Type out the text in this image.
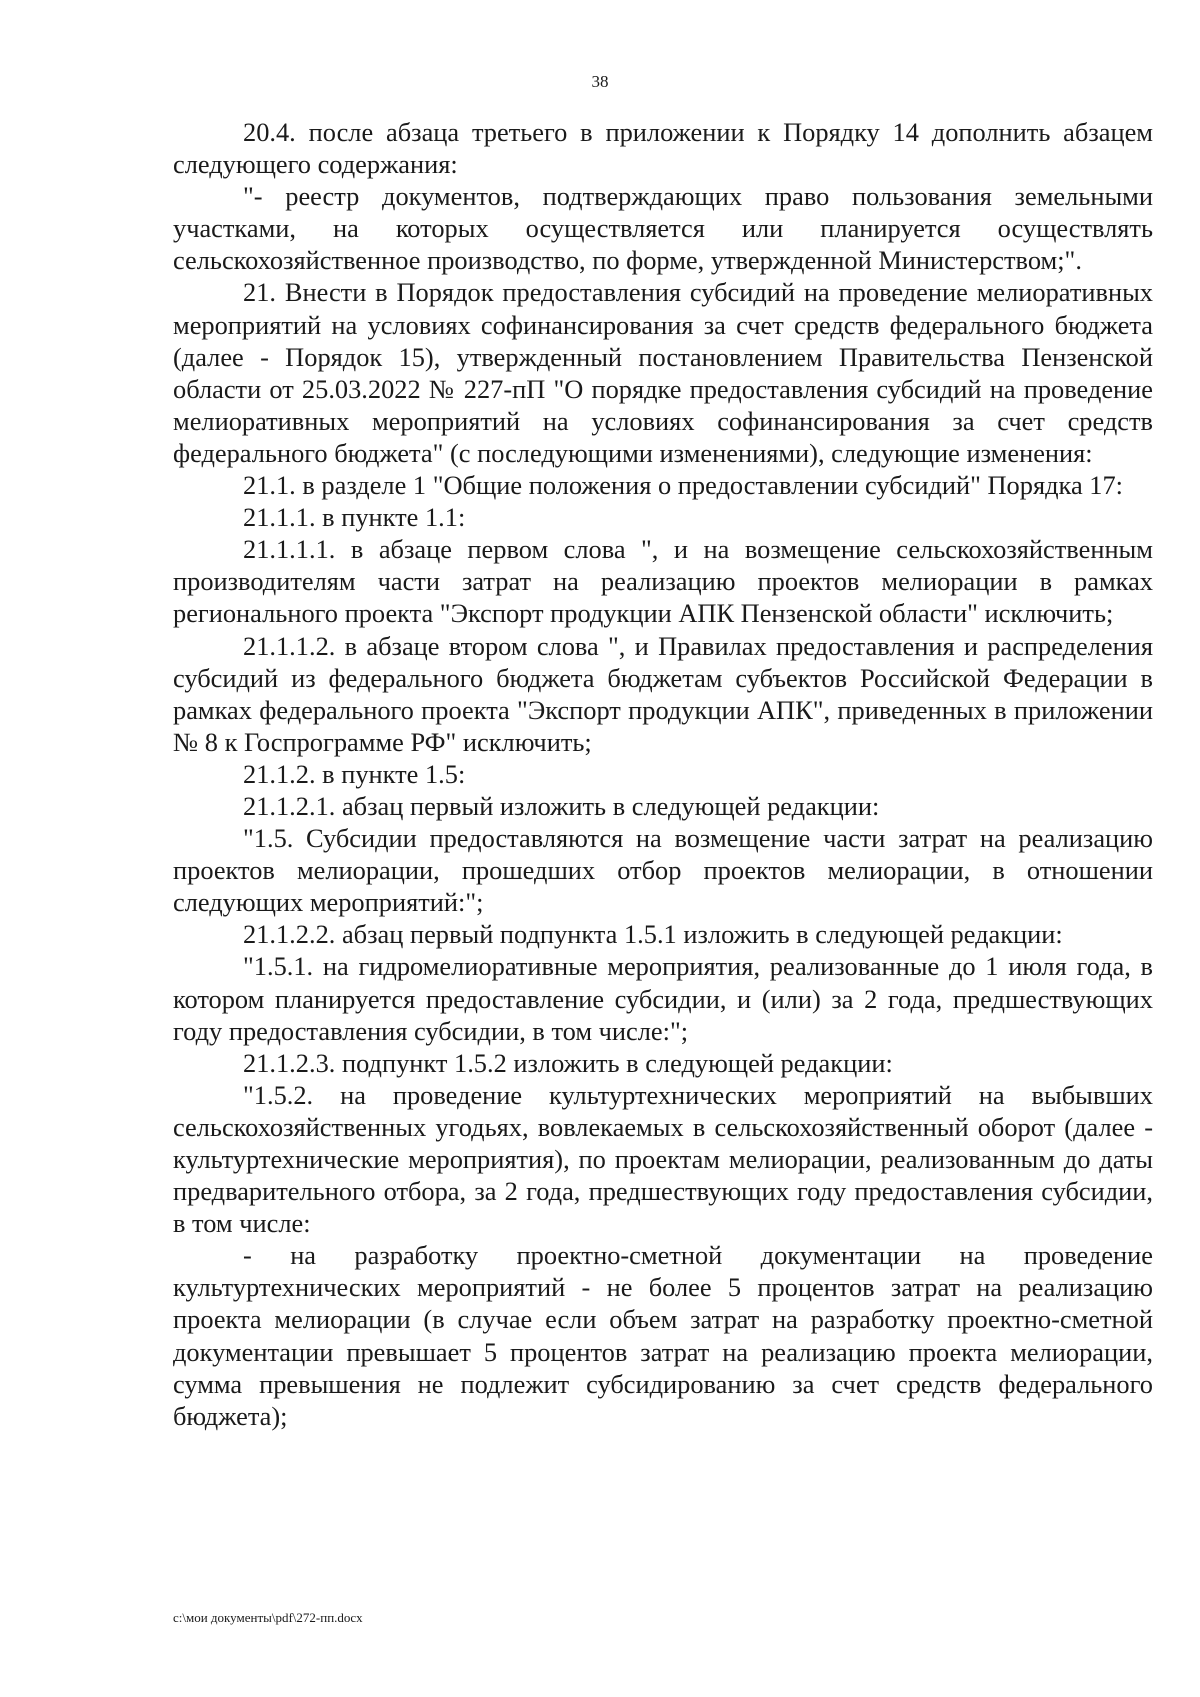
38

20.4. после абзаца третьего в приложении к Порядку 14 дополнить абзацем следующего содержания:

"- реестр документов, подтверждающих право пользования земельными участками, на которых осуществляется или планируется осуществлять сельскохозяйственное производство, по форме, утвержденной Министерством;".

21. Внести в Порядок предоставления субсидий на проведение мелиоративных мероприятий на условиях софинансирования за счет средств федерального бюджета (далее - Порядок 15), утвержденный постановлением Правительства Пензенской области от 25.03.2022 № 227-пП "О порядке предоставления субсидий на проведение мелиоративных мероприятий на условиях софинансирования за счет средств федерального бюджета" (с последующими изменениями), следующие изменения:

21.1. в разделе 1 "Общие положения о предоставлении субсидий" Порядка 17:

21.1.1. в пункте 1.1:

21.1.1.1. в абзаце первом слова ", и на возмещение сельскохозяйственным производителям части затрат на реализацию проектов мелиорации в рамках регионального проекта "Экспорт продукции АПК Пензенской области" исключить;

21.1.1.2. в абзаце втором слова ", и Правилах предоставления и распределения субсидий из федерального бюджета бюджетам субъектов Российской Федерации в рамках федерального проекта "Экспорт продукции АПК", приведенных в приложении № 8 к Госпрограмме РФ" исключить;

21.1.2. в пункте 1.5:

21.1.2.1. абзац первый изложить в следующей редакции:

"1.5. Субсидии предоставляются на возмещение части затрат на реализацию проектов мелиорации, прошедших отбор проектов мелиорации, в отношении следующих мероприятий:";

21.1.2.2. абзац первый подпункта 1.5.1 изложить в следующей редакции:

"1.5.1. на гидромелиоративные мероприятия, реализованные до 1 июля года, в котором планируется предоставление субсидии, и (или) за 2 года, предшествующих году предоставления субсидии, в том числе:";

21.1.2.3. подпункт 1.5.2 изложить в следующей редакции:

"1.5.2. на проведение культуртехнических мероприятий на выбывших сельскохозяйственных угодьях, вовлекаемых в сельскохозяйственный оборот (далее - культуртехнические мероприятия), по проектам мелиорации, реализованным до даты предварительного отбора, за 2 года, предшествующих году предоставления субсидии, в том числе:

- на разработку проектно-сметной документации на проведение культуртехнических мероприятий - не более 5 процентов затрат на реализацию проекта мелиорации (в случае если объем затрат на разработку проектно-сметной документации превышает 5 процентов затрат на реализацию проекта мелиорации, сумма превышения не подлежит субсидированию за счет средств федерального бюджета);

c:\мои документы\pdf\272-пп.docx
